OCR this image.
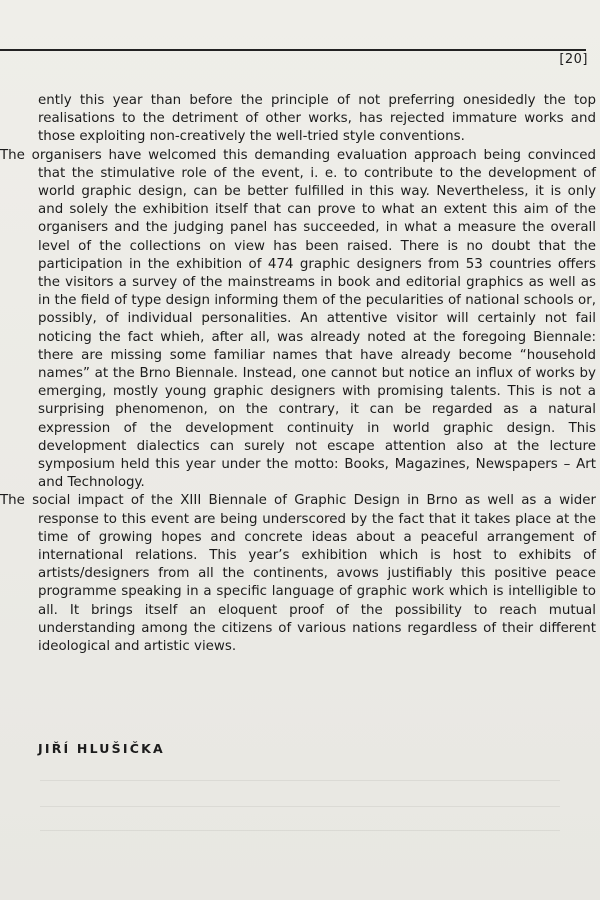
[20]

ently this year than before the principle of not preferring onesidedly the top realisations to the detriment of other works, has rejected immature works and those exploiting non-creatively the well-tried style conventions.

The organisers have welcomed this demanding evaluation approach being convinced that the stimulative role of the event, i. e. to contribute to the development of world graphic design, can be better fulfilled in this way. Nevertheless, it is only and solely the exhibition itself that can prove to what an extent this aim of the organisers and the judging panel has succeeded, in what a measure the overall level of the collections on view has been raised. There is no doubt that the participation in the exhibition of 474 graphic designers from 53 countries offers the visitors a survey of the mainstreams in book and editorial graphics as well as in the field of type design informing them of the pecularities of national schools or, possibly, of individual personalities. An attentive visitor will certainly not fail noticing the fact whieh, after all, was already noted at the foregoing Biennale: there are missing some familiar names that have already become “household names” at the Brno Biennale. Instead, one cannot but notice an influx of works by emerging, mostly young graphic designers with promising talents. This is not a surprising phenomenon, on the contrary, it can be regarded as a natural expression of the development continuity in world graphic design. This development dialectics can surely not escape attention also at the lecture symposium held this year under the motto: Books, Magazines, Newspapers – Art and Technology.

The social impact of the XIII Biennale of Graphic Design in Brno as well as a wider response to this event are being underscored by the fact that it takes place at the time of growing hopes and concrete ideas about a peaceful arrangement of international relations. This year’s exhibition which is host to exhibits of artists/designers from all the continents, avows justifiably this positive peace programme speaking in a specific language of graphic work which is intelligible to all. It brings itself an eloquent proof of the possibility to reach mutual understanding among the citizens of various nations regardless of their different ideological and artistic views.

JIŘÍ HLUŠIČKA
